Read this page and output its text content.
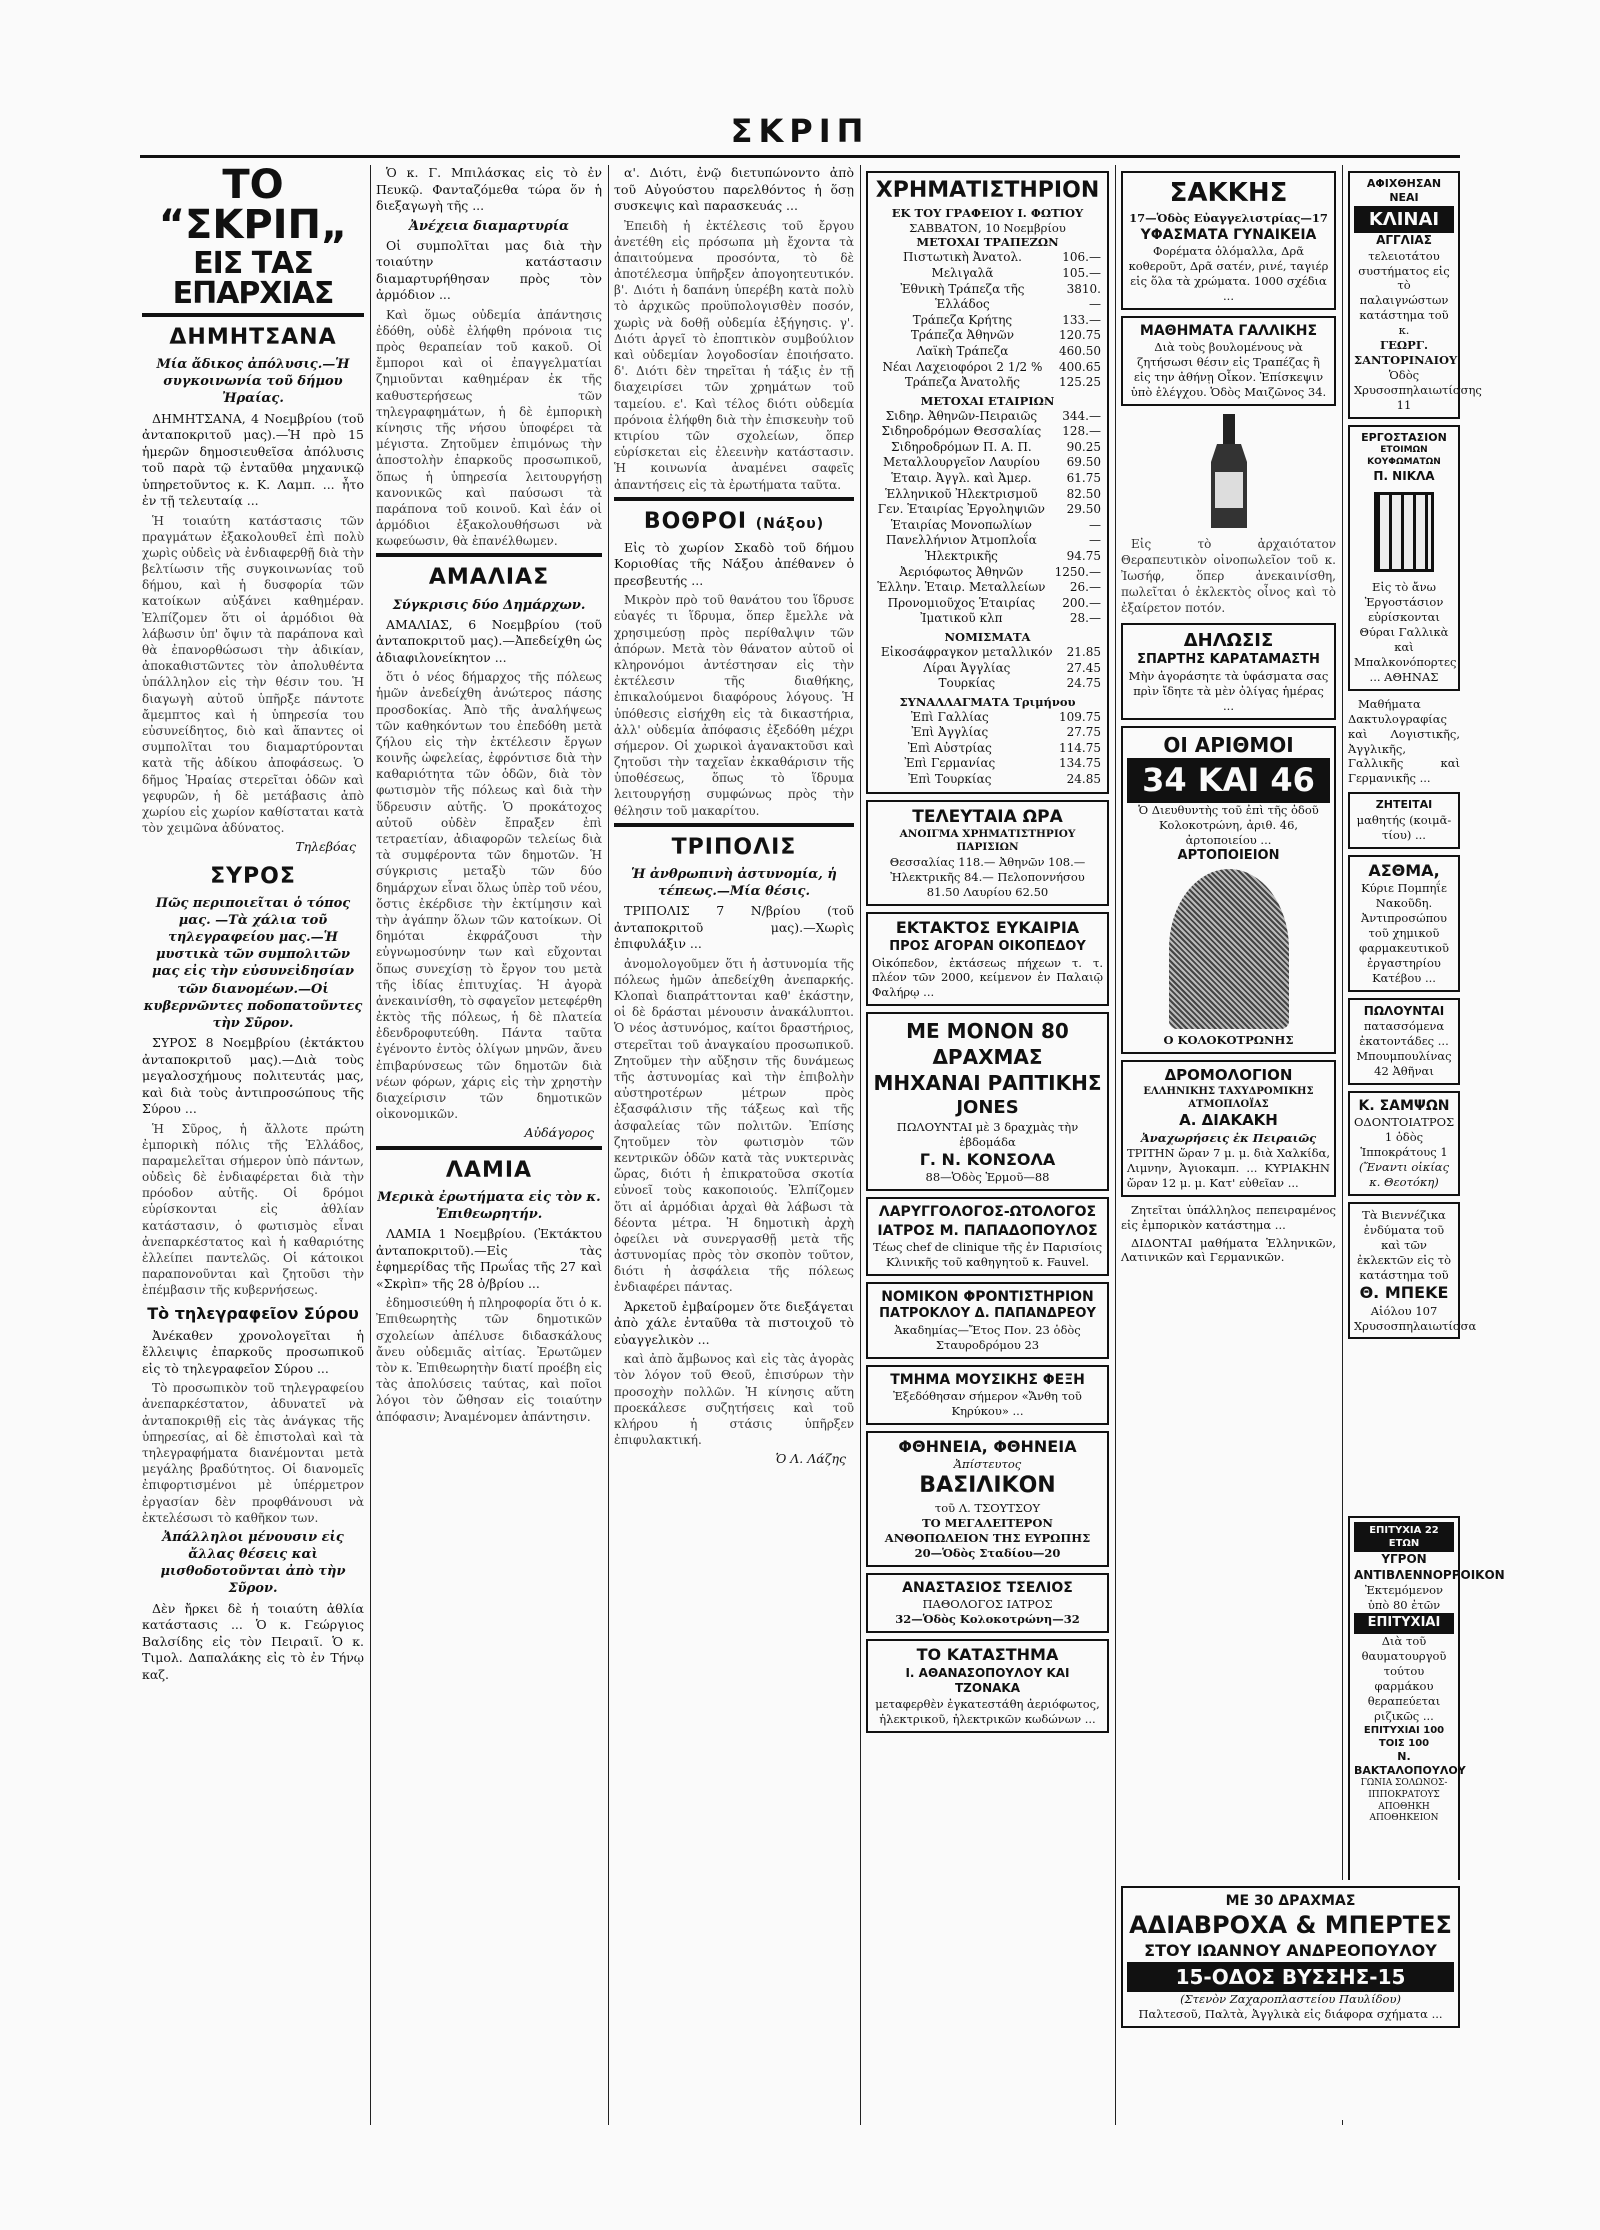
ΣΚΡΙΠ
ΤΟ “ΣΚΡΙΠ„
ΕΙΣ ΤΑΣ ΕΠΑΡΧΙΑΣ
ΔΗΜΗΤΣΑΝΑ
Μία ἄδικος ἀπόλυσις.—Ἡ συγκοινωνία τοῦ δήμου Ἠραίας.

ΔΗΜΗΤΣΑΝΑ, 4 Νοεμβρίου (τοῦ ἀνταποκριτοῦ μας).—Ἡ πρὸ 15 ἡμερῶν δημοσιευθεῖσα ἀπόλυσις τοῦ παρὰ τῷ ἐνταῦθα μηχανικῷ ὑπηρετοῦντος κ. Κ. Λαμπ. ... ἦτο ἐν τῇ τελευταίᾳ ...

Ἡ τοιαύτη κατάστασις τῶν πραγμάτων ἐξακολουθεῖ ἐπὶ πολὺ χωρὶς οὐδεὶς νὰ ἐνδιαφερθῇ διὰ τὴν βελτίωσιν τῆς συγκοινωνίας τοῦ δήμου, καὶ ἡ δυσφορία τῶν κατοίκων αὐξάνει καθημέραν. Ἐλπίζομεν ὅτι οἱ ἁρμόδιοι θὰ λάβωσιν ὑπ' ὄψιν τὰ παράπονα καὶ θὰ ἐπανορθώσωσι τὴν ἀδικίαν, ἀποκαθιστῶντες τὸν ἀπολυθέντα ὑπάλληλον εἰς τὴν θέσιν του. Ἡ διαγωγὴ αὐτοῦ ὑπῆρξε πάντοτε ἄμεμπτος καὶ ἡ ὑπηρεσία του εὐσυνείδητος, διὸ καὶ ἅπαντες οἱ συμπολῖται του διαμαρτύρονται κατὰ τῆς ἀδίκου ἀποφάσεως. Ὁ δῆμος Ἡραίας στερεῖται ὁδῶν καὶ γεφυρῶν, ἡ δὲ μετάβασις ἀπὸ χωρίου εἰς χωρίον καθίσταται κατὰ τὸν χειμῶνα ἀδύνατος.

Τηλεβόας

ΣΥΡΟΣ
Πῶς περιποιεῖται ὁ τόπος μας. —Τὰ χάλια τοῦ τηλεγραφείου μας.—Ἡ μυστικὰ τῶν συμπολιτῶν μας εἰς τὴν εὐσυνεἰδησίαν τῶν διανομέων.—Οἱ κυβερνῶντες ποδοπατοῦντες τὴν Σῦρον.

ΣΥΡΟΣ 8 Νοεμβρίου (ἐκτάκτου ἀνταποκριτοῦ μας).—Διὰ τοὺς μεγαλοσχήμους πολιτευτάς μας, καὶ διὰ τοὺς ἀντιπροσώπους τῆς Σύρου ...

Ἡ Σῦρος, ἡ ἄλλοτε πρώτη ἐμπορικὴ πόλις τῆς Ἑλλάδος, παραμελεῖται σήμερον ὑπὸ πάντων, οὐδεὶς δὲ ἐνδιαφέρεται διὰ τὴν πρόοδον αὐτῆς. Οἱ δρόμοι εὑρίσκονται εἰς ἀθλίαν κατάστασιν, ὁ φωτισμὸς εἶναι ἀνεπαρκέστατος καὶ ἡ καθαριότης ἐλλείπει παντελῶς. Οἱ κάτοικοι παραπονοῦνται καὶ ζητοῦσι τὴν ἐπέμβασιν τῆς κυβερνήσεως.

Τὸ τηλεγραφεῖον Σύρου

Ἀνέκαθεν χρονολογεῖται ἡ ἔλλειψις ἐπαρκοῦς προσωπικοῦ εἰς τὸ τηλεγραφεῖον Σύρου ...

Τὸ προσωπικὸν τοῦ τηλεγραφείου ἀνεπαρκέστατον, ἀδυνατεῖ νὰ ἀνταποκριθῇ εἰς τὰς ἀνάγκας τῆς ὑπηρεσίας, αἱ δὲ ἐπιστολαὶ καὶ τὰ τηλεγραφήματα διανέμονται μετὰ μεγάλης βραδύτητος. Οἱ διανομεῖς ἐπιφορτισμένοι μὲ ὑπέρμετρον ἐργασίαν δὲν προφθάνουσι νὰ ἐκτελέσωσι τὸ καθῆκον των.

Ἀπάλληλοι μένουσιν εἰς ἄλλας θέσεις καὶ μισθοδοτοῦνται ἀπὸ τὴν Σῦρον.

Δὲν ἤρκει δὲ ἡ τοιαύτη ἀθλία κατάστασις ... Ὁ κ. Γεώργιος Βαλσίδης εἰς τὸν Πειραιῖ. Ὁ κ. Τιμολ. Δαπαλάκης εἰς τὸ ἐν Τήνῳ καζ.

Ὁ κ. Γ. Μπιλάσκας εἰς τὸ ἐν Πευκῷ. Φανταζόμεθα τώρα ὅν ἡ διεξαγωγὴ τῆς ...

Ἀνέχεια διαμαρτυρία

Οἱ συμπολῖται μας διὰ τὴν τοιαύτην κατάστασιν διαμαρτυρήθησαν πρὸς τὸν ἀρμόδιον ...

Καὶ ὅμως οὐδεμία ἀπάντησις ἐδόθη, οὐδὲ ἐλήφθη πρόνοια τις πρὸς θεραπείαν τοῦ κακοῦ. Οἱ ἔμποροι καὶ οἱ ἐπαγγελματίαι ζημιοῦνται καθημέραν ἐκ τῆς καθυστερήσεως τῶν τηλεγραφημάτων, ἡ δὲ ἐμπορικὴ κίνησις τῆς νήσου ὑποφέρει τὰ μέγιστα. Ζητοῦμεν ἐπιμόνως τὴν ἀποστολὴν ἐπαρκοῦς προσωπικοῦ, ὅπως ἡ ὑπηρεσία λειτουργήσῃ κανονικῶς καὶ παύσωσι τὰ παράπονα τοῦ κοινοῦ. Καὶ ἐάν οἱ ἁρμόδιοι ἐξακολουθήσωσι νὰ κωφεύωσιν, θὰ ἐπανέλθωμεν.

ΑΜΑΛΙΑΣ
Σύγκρισις δύο Δημάρχων.

ΑΜΑΛΙΑΣ, 6 Νοεμβρίου (τοῦ ἀνταποκριτοῦ μας).—Ἀπεδείχθη ὡς ἀδιαφιλονείκητον ...

ὅτι ὁ νέος δήμαρχος τῆς πόλεως ἡμῶν ἀνεδείχθη ἀνώτερος πάσης προσδοκίας. Ἀπὸ τῆς ἀναλήψεως τῶν καθηκόντων του ἐπεδόθη μετὰ ζήλου εἰς τὴν ἐκτέλεσιν ἔργων κοινῆς ὠφελείας, ἐφρόντισε διὰ τὴν καθαριότητα τῶν ὁδῶν, διὰ τὸν φωτισμὸν τῆς πόλεως καὶ διὰ τὴν ὕδρευσιν αὐτῆς. Ὁ προκάτοχος αὐτοῦ οὐδὲν ἔπραξεν ἐπὶ τετραετίαν, ἀδιαφορῶν τελείως διὰ τὰ συμφέροντα τῶν δημοτῶν. Ἡ σύγκρισις μεταξὺ τῶν δύο δημάρχων εἶναι ὅλως ὑπὲρ τοῦ νέου, ὅστις ἐκέρδισε τὴν ἐκτίμησιν καὶ τὴν ἀγάπην ὅλων τῶν κατοίκων. Οἱ δημόται ἐκφράζουσι τὴν εὐγνωμοσύνην των καὶ εὔχονται ὅπως συνεχίσῃ τὸ ἔργον του μετὰ τῆς ἰδίας ἐπιτυχίας. Ἡ ἀγορὰ ἀνεκαινίσθη, τὸ σφαγεῖον μετεφέρθη ἐκτὸς τῆς πόλεως, ἡ δὲ πλατεία ἐδενδροφυτεύθη. Πάντα ταῦτα ἐγένοντο ἐντὸς ὀλίγων μηνῶν, ἄνευ ἐπιβαρύνσεως τῶν δημοτῶν διὰ νέων φόρων, χάρις εἰς τὴν χρηστὴν διαχείρισιν τῶν δημοτικῶν οἰκονομικῶν.

Αὐδάγορος

ΛΑΜΙΑ
Μερικὰ ἐρωτήματα εἰς τὸν κ. Ἐπιθεωρητήν.

ΛΑΜΙΑ 1 Νοεμβρίου. (Ἐκτάκτου ἀνταποκριτοῦ).—Εἰς τὰς ἐφημερίδας τῆς Πρωΐας τῆς 27 καὶ «Σκρὶπ» τῆς 28 ὀ/βρίου ...

ἐδημοσιεύθη ἡ πληροφορία ὅτι ὁ κ. Ἐπιθεωρητὴς τῶν δημοτικῶν σχολείων ἀπέλυσε διδασκάλους ἄνευ οὐδεμιᾶς αἰτίας. Ἐρωτῶμεν τὸν κ. Ἐπιθεωρητὴν διατί προέβη εἰς τὰς ἀπολύσεις ταύτας, καὶ ποῖοι λόγοι τὸν ὤθησαν εἰς τοιαύτην ἀπόφασιν; Ἀναμένομεν ἀπάντησιν.

α'. Διότι, ἐνῷ διετυπώνοντο ἀπὸ τοῦ Αὐγούστου παρελθόντος ἡ ὅσῃ συσκεψις καὶ παρασκευάς ...

Ἐπειδὴ ἡ ἐκτέλεσις τοῦ ἔργου ἀνετέθη εἰς πρόσωπα μὴ ἔχοντα τὰ ἀπαιτούμενα προσόντα, τὸ δὲ ἀποτέλεσμα ὑπῆρξεν ἀπογοητευτικόν. β'. Διότι ἡ δαπάνη ὑπερέβη κατὰ πολὺ τὸ ἀρχικῶς προϋπολογισθὲν ποσόν, χωρὶς νὰ δοθῇ οὐδεμία ἐξήγησις. γ'. Διότι ἀργεῖ τὸ ἐποπτικὸν συμβούλιον καὶ οὐδεμίαν λογοδοσίαν ἐποιήσατο. δ'. Διότι δὲν τηρεῖται ἡ τάξις ἐν τῇ διαχειρίσει τῶν χρημάτων τοῦ ταμείου. ε'. Καὶ τέλος διότι οὐδεμία πρόνοια ἐλήφθη διὰ τὴν ἐπισκευὴν τοῦ κτιρίου τῶν σχολείων, ὅπερ εὑρίσκεται εἰς ἐλεεινὴν κατάστασιν. Ἡ κοινωνία ἀναμένει σαφεῖς ἀπαντήσεις εἰς τὰ ἐρωτήματα ταῦτα.

ΒΟΘΡΟΙ (Νάξου)

Εἰς τὸ χωρίον Σκαδὸ τοῦ δήμου Κοριοθίας τῆς Νάξου ἀπέθανεν ὁ πρεσβευτής ...

Μικρὸν πρὸ τοῦ θανάτου του ἵδρυσε εὐαγές τι ἵδρυμα, ὅπερ ἔμελλε νὰ χρησιμεύσῃ πρὸς περίθαλψιν τῶν ἀπόρων. Μετὰ τὸν θάνατον αὐτοῦ οἱ κληρονόμοι ἀντέστησαν εἰς τὴν ἐκτέλεσιν τῆς διαθήκης, ἐπικαλούμενοι διαφόρους λόγους. Ἡ ὑπόθεσις εἰσήχθη εἰς τὰ δικαστήρια, ἀλλ' οὐδεμία ἀπόφασις ἐξεδόθη μέχρι σήμερον. Οἱ χωρικοὶ ἀγανακτοῦσι καὶ ζητοῦσι τὴν ταχεῖαν ἐκκαθάρισιν τῆς ὑποθέσεως, ὅπως τὸ ἵδρυμα λειτουργήσῃ συμφώνως πρὸς τὴν θέλησιν τοῦ μακαρίτου.

ΤΡΙΠΟΛΙΣ
Ἡ ἀνθρωπινὴ ἀστυνομία, ἡ τέπεως.—Μία θέσις.

ΤΡΙΠΟΛΙΣ 7 Ν/βρίου (τοῦ ἀνταποκριτοῦ μας).—Χωρὶς ἐπιφυλάξιν ...

ἀνομολογοῦμεν ὅτι ἡ ἀστυνομία τῆς πόλεως ἡμῶν ἀπεδείχθη ἀνεπαρκής. Κλοπαὶ διαπράττονται καθ' ἑκάστην, οἱ δὲ δράσται μένουσιν ἀνακάλυπτοι. Ὁ νέος ἀστυνόμος, καίτοι δραστήριος, στερεῖται τοῦ ἀναγκαίου προσωπικοῦ. Ζητοῦμεν τὴν αὔξησιν τῆς δυνάμεως τῆς ἀστυνομίας καὶ τὴν ἐπιβολὴν αὐστηροτέρων μέτρων πρὸς ἐξασφάλισιν τῆς τάξεως καὶ τῆς ἀσφαλείας τῶν πολιτῶν. Ἐπίσης ζητοῦμεν τὸν φωτισμὸν τῶν κεντρικῶν ὁδῶν κατὰ τὰς νυκτερινὰς ὥρας, διότι ἡ ἐπικρατοῦσα σκοτία εὐνοεῖ τοὺς κακοποιούς. Ἐλπίζομεν ὅτι αἱ ἁρμόδιαι ἀρχαὶ θὰ λάβωσι τὰ δέοντα μέτρα. Ἡ δημοτικὴ ἀρχὴ ὀφείλει νὰ συνεργασθῇ μετὰ τῆς ἀστυνομίας πρὸς τὸν σκοπὸν τοῦτον, διότι ἡ ἀσφάλεια τῆς πόλεως ἐνδιαφέρει πάντας.

Ἀρκετοῦ ἐμβαίρομεν ὅτε διεξάγεται ἀπὸ χάλε ἐνταῦθα τὰ πιστοιχοῦ τὸ εὐαγγελικὸν ...

καὶ ἀπὸ ἄμβωνος καὶ εἰς τὰς ἀγορὰς τὸν λόγον τοῦ Θεοῦ, ἐπισύρων τὴν προσοχὴν πολλῶν. Ἡ κίνησις αὕτη προεκάλεσε συζητήσεις καὶ τοῦ κλήρου ἡ στάσις ὑπῆρξεν ἐπιφυλακτική.

Ὁ Λ. Λάζης

ΧΡΗΜΑΤΙΣΤΗΡΙΟΝ
ΕΚ ΤΟΥ ΓΡΑΦΕΙΟΥ Ι. ΦΩΤΙΟΥ
ΣΑΒΒΑΤΟΝ, 10 Νοεμβρίου
ΜΕΤΟΧΑΙ ΤΡΑΠΕΖΩΝ
Πιστωτικὴ Ἀνατολ.	106.—
Μελιγαλᾶ	105.—
Ἐθνικὴ Τράπεζα τῆς Ἑλλάδος	3810.—
Τράπεζα Κρήτης	133.—
Τράπεζα Ἀθηνῶν	120.75
Λαϊκὴ Τράπεζα	460.50
Νέαι Λαχειοφόροι 2 1/2 %	400.65
Τράπεζα Ἀνατολῆς	125.25
ΜΕΤΟΧΑΙ ΕΤΑΙΡΙΩΝ
Σιδηρ. Ἀθηνῶν-Πειραιῶς	344.—
Σιδηροδρόμων Θεσσαλίας	128.—
Σιδηροδρόμων Π. Α. Π.	90.25
Μεταλλουργεῖον Λαυρίου	69.50
Ἑταιρ. Ἀγγλ. καὶ Ἀμερ.	61.75
Ἑλληνικοῦ Ἠλεκτρισμοῦ	82.50
Γεν. Ἑταιρίας Ἐργοληψιῶν	29.50
Ἑταιρίας Μονοπωλίων	—
Πανελλήνιον Ἀτμοπλοΐα	—
Ἠλεκτρικῆς	94.75
Ἀεριόφωτος Ἀθηνῶν	1250.—
Ἑλλην. Ἑταιρ. Μεταλλείων	26.—
Προνομιοῦχος Ἑταιρίας	200.—
Ἰματικοῦ κλπ	28.—
ΝΟΜΙΣΜΑΤΑ
Εἰκοσάφραγκον μεταλλικόν	21.85
Λίραι Ἀγγλίας	27.45
Τουρκίας	24.75
ΣΥΝΑΛΛΑΓΜΑΤΑ Τριμήνου
Ἐπὶ Γαλλίας	109.75
Ἐπὶ Ἀγγλίας	27.75
Ἐπὶ Αὐστρίας	114.75
Ἐπὶ Γερμανίας	134.75
Ἐπὶ Τουρκίας	24.85
ΤΕΛΕΥΤΑΙΑ ΩΡΑ
ΑΝΟΙΓΜΑ ΧΡΗΜΑΤΙΣΤΗΡΙΟΥ ΠΑΡΙΣΙΩΝ
Θεσσαλίας 118.— Ἀθηνῶν 108.— Ἠλεκτρικῆς 84.— Πελοποννήσου 81.50 Λαυρίου 62.50
ΕΚΤΑΚΤΟΣ ΕΥΚΑΙΡΙΑ
ΠΡΟΣ ΑΓΟΡΑΝ ΟΙΚΟΠΕΔΟΥ
Οἰκόπεδον, ἐκτάσεως πήχεων τ. τ. πλέον τῶν 2000, κείμενον ἐν Παλαιῷ Φαλήρῳ ...
ΜΕ ΜΟΝΟΝ 80 ΔΡΑΧΜΑΣ
ΜΗΧΑΝΑΙ ΡΑΠΤΙΚΗΣ
JONES
ΠΩΛΟΥΝΤΑΙ μὲ 3 δραχμὰς τὴν ἑβδομάδα
Γ. Ν. ΚΟΝΣΟΛΑ
88—Ὁδὸς Ἑρμοῦ—88
ΛΑΡΥΓΓΟΛΟΓΟΣ-ΩΤΟΛΟΓΟΣ
ΙΑΤΡΟΣ Μ. ΠΑΠΑΔΟΠΟΥΛΟΣ
Τέως chef de clinique τῆς ἐν Παρισίοις Κλινικῆς τοῦ καθηγητοῦ κ. Fauvel.
ΝΟΜΙΚΟΝ ΦΡΟΝΤΙΣΤΗΡΙΟΝ
ΠΑΤΡΟΚΛΟΥ Δ. ΠΑΠΑΝΔΡΕΟΥ
Ἀκαδημίας—Ἔτος Πον. 23 ὁδὸς Σταυροδρόμου 23
ΤΜΗΜΑ ΜΟΥΣΙΚΗΣ ΦΕΞΗ
Ἐξεδόθησαν σήμερον «Ἄνθη τοῦ Κηρύκου» ...
ΦΘΗΝΕΙΑ, ΦΘΗΝΕΙΑ
Ἀπίστευτος
ΒΑΣΙΛΙΚΟΝ
τοῦ Λ. ΤΣΟΥΤΣΟΥ
ΤΟ ΜΕΓΑΛΕΙΤΕΡΟΝ ΑΝΘΟΠΩΛΕΙΟΝ ΤΗΣ ΕΥΡΩΠΗΣ
20—Ὁδὸς Σταδίου—20
ΑΝΑΣΤΑΣΙΟΣ ΤΣΕΛΙΟΣ
ΠΑΘΟΛΟΓΟΣ ΙΑΤΡΟΣ
32—Ὁδὸς Κολοκοτρώνη—32
ΤΟ ΚΑΤΑΣΤΗΜΑ
Ι. ΑΘΑΝΑΣΟΠΟΥΛΟΥ ΚΑΙ ΤΖΟΝΑΚΑ
μεταφερθὲν ἐγκατεστάθη ἀεριόφωτος, ἠλεκτρικοῦ, ἠλεκτρικῶν κωδώνων ...
ΣΑΚΚΗΣ
17—Ὁδὸς Εὐαγγελιστρίας—17
ΥΦΑΣΜΑΤΑ ΓΥΝΑΙΚΕΙΑ
Φορέματα ὁλόμαλλα, Δρᾶ κοθεροῦτ, Δρᾶ σατέν, ρινέ, ταγιέρ εἰς ὅλα τὰ χρώματα. 1000 σχέδια ...
ΜΑΘΗΜΑΤΑ ΓΑΛΛΙΚΗΣ
Διὰ τοὺς βουλομένους νὰ ζητήσωσι θέσιν εἰς Τραπέζας ἢ εἰς την ἀθήνῃ Οἶκον. Ἐπίσκεψιν ὑπὸ ἐλέγχου. Ὁδὸς Μαιζῶνος 34.

Εἰς τὸ ἀρχαιότατον Θεραπευτικὸν οἰνοπωλεῖον τοῦ κ. Ἰωσήφ, ὅπερ ἀνεκαινίσθη, πωλεῖται ὁ ἐκλεκτὸς οἶνος καὶ τὸ ἐξαίρετον ποτόν.

ΔΗΛΩΣΙΣ
ΣΠΑΡΤΗΣ ΚΑΡΑΤΑΜΑΣΤΗ
Μὴν ἀγοράσητε τὰ ὑφάσματα σας πρὶν ἴδητε τὰ μὲν ὀλίγας ἡμέρας ...
ΟΙ ΑΡΙΘΜΟΙ
34 ΚΑΙ 46
Ὁ Διευθυντὴς τοῦ ἐπὶ τῆς ὁδοῦ Κολοκοτρώνη, ἀριθ. 46, ἀρτοποιείου ...
ΑΡΤΟΠΟΙΕΙΟΝ
Ο ΚΟΛΟΚΟΤΡΩΝΗΣ
ΔΡΟΜΟΛΟΓΙΟΝ
ΕΛΛΗΝΙΚΗΣ ΤΑΧΥΔΡΟΜΙΚΗΣ ΑΤΜΟΠΛΟΪΑΣ
Α. ΔΙΑΚΑΚΗ
Ἀναχωρήσεις ἐκ Πειραιῶς
ΤΡΙΤΗΝ ὥραν 7 μ. μ. διὰ Χαλκίδα, Λιμνην, Ἀγιοκαμπ. ... ΚΥΡΙΑΚΗΝ ὥραν 12 μ. μ. Κατ' εὐθεῖαν ...

Ζητεῖται ὑπάλληλος πεπειραμένος εἰς ἐμπορικὸν κατάστημα ...

ΔΙΔΟΝΤΑΙ μαθήματα Ἑλληνικῶν, Λατινικῶν καὶ Γερμανικῶν.

ΑΦΙΧΘΗΣΑΝ ΝΕΑΙ
ΚΛΙΝΑΙ
ΑΓΓΛΙΑΣ
τελειοτάτου συστήματος εἰς τὸ παλαιγνώστων κατάστημα τοῦ κ.
ΓΕΩΡΓ. ΣΑΝΤΟΡΙΝΑΙΟΥ
Ὁδὸς Χρυσοσπηλαιωτίσσης 11
ΕΡΓΟΣΤΑΣΙΟΝ
ΕΤΟΙΜΩΝ ΚΟΥΦΩΜΑΤΩΝ
Π. ΝΙΚΛΑ
Εἰς τὸ ἄνω Ἐργοστάσιον εὑρίσκονται Θύραι Γαλλικὰ καὶ Μπαλκονόπορτες ... ΑΘΗΝΑΣ

Μαθήματα Δακτυλογραφίας καὶ Λογιστικῆς, Ἀγγλικῆς, Γαλλικῆς καὶ Γερμανικῆς ...

ΖΗΤΕΙΤΑΙ
μαθητής (κοιμᾶ-τίου) ...
ΑΣΘΜΑ,
Κύριε Πομπηΐε Νακοῦδη. Ἀντιπροσώπου τοῦ χημικοῦ φαρμακευτικοῦ ἐργαστηρίου Κατέβου ...
ΠΩΛΟΥΝΤΑΙ
πατασσόμενα ἑκατοντάδες ... Μπουμπουλίνας 42 Ἀθῆναι
Κ. ΣΑΜΨΩΝ
ΟΔΟΝΤΟΙΑΤΡΟΣ
1 ὁδὸς Ἱπποκράτους 1
(Ἔναντι οἰκίας κ. Θεοτόκη)
Τὰ Βιεννέζικα ἐνδύματα τοῦ καὶ τῶν ἐκλεκτῶν εἰς τὸ κατάστημα τοῦ
Θ. ΜΠΕΚΕ
Αἰόλου 107 Χρυσοσπηλαιωτίσσα
ΕΠΙΤΥΧΙΑ 22 ΕΤΩΝ
ΥΓΡΟΝ ΑΝΤΙΒΛΕΝΝΟΡΡΟΙΚΟΝ
Ἐκτεμόμενον ὑπὸ 80 ἐτῶν
ΕΠΙΤΥΧΙΑΙ
Διὰ τοῦ θαυματουργοῦ τούτου φαρμάκου θεραπεύεται ριζικῶς ...
ΕΠΙΤΥΧΙΑΙ 100 ΤΟΙΣ 100
Ν. ΒΑΚΤΑΛΟΠΟΥΛΟΥ
ΓΩΝΙΑ ΣΟΛΩΝΟΣ-ΙΠΠΟΚΡΑΤΟΥΣ
ΑΠΟΘΗΚΗ ΑΠΟΘΗΚΕΙΟΝ
ΜΕ 30 ΔΡΑΧΜΑΣ
ΑΔΙΑΒΡΟΧΑ & ΜΠΕΡΤΕΣ
ΣΤΟΥ ΙΩΑΝΝΟΥ ΑΝΔΡΕΟΠΟΥΛΟΥ
15-ΟΔΟΣ ΒΥΣΣΗΣ-15
(Στενὸν Ζαχαροπλαστείου Παυλίδου)
Παλτεσοῦ, Παλτὰ, Ἀγγλικὰ εἰς διάφορα σχήματα ...
